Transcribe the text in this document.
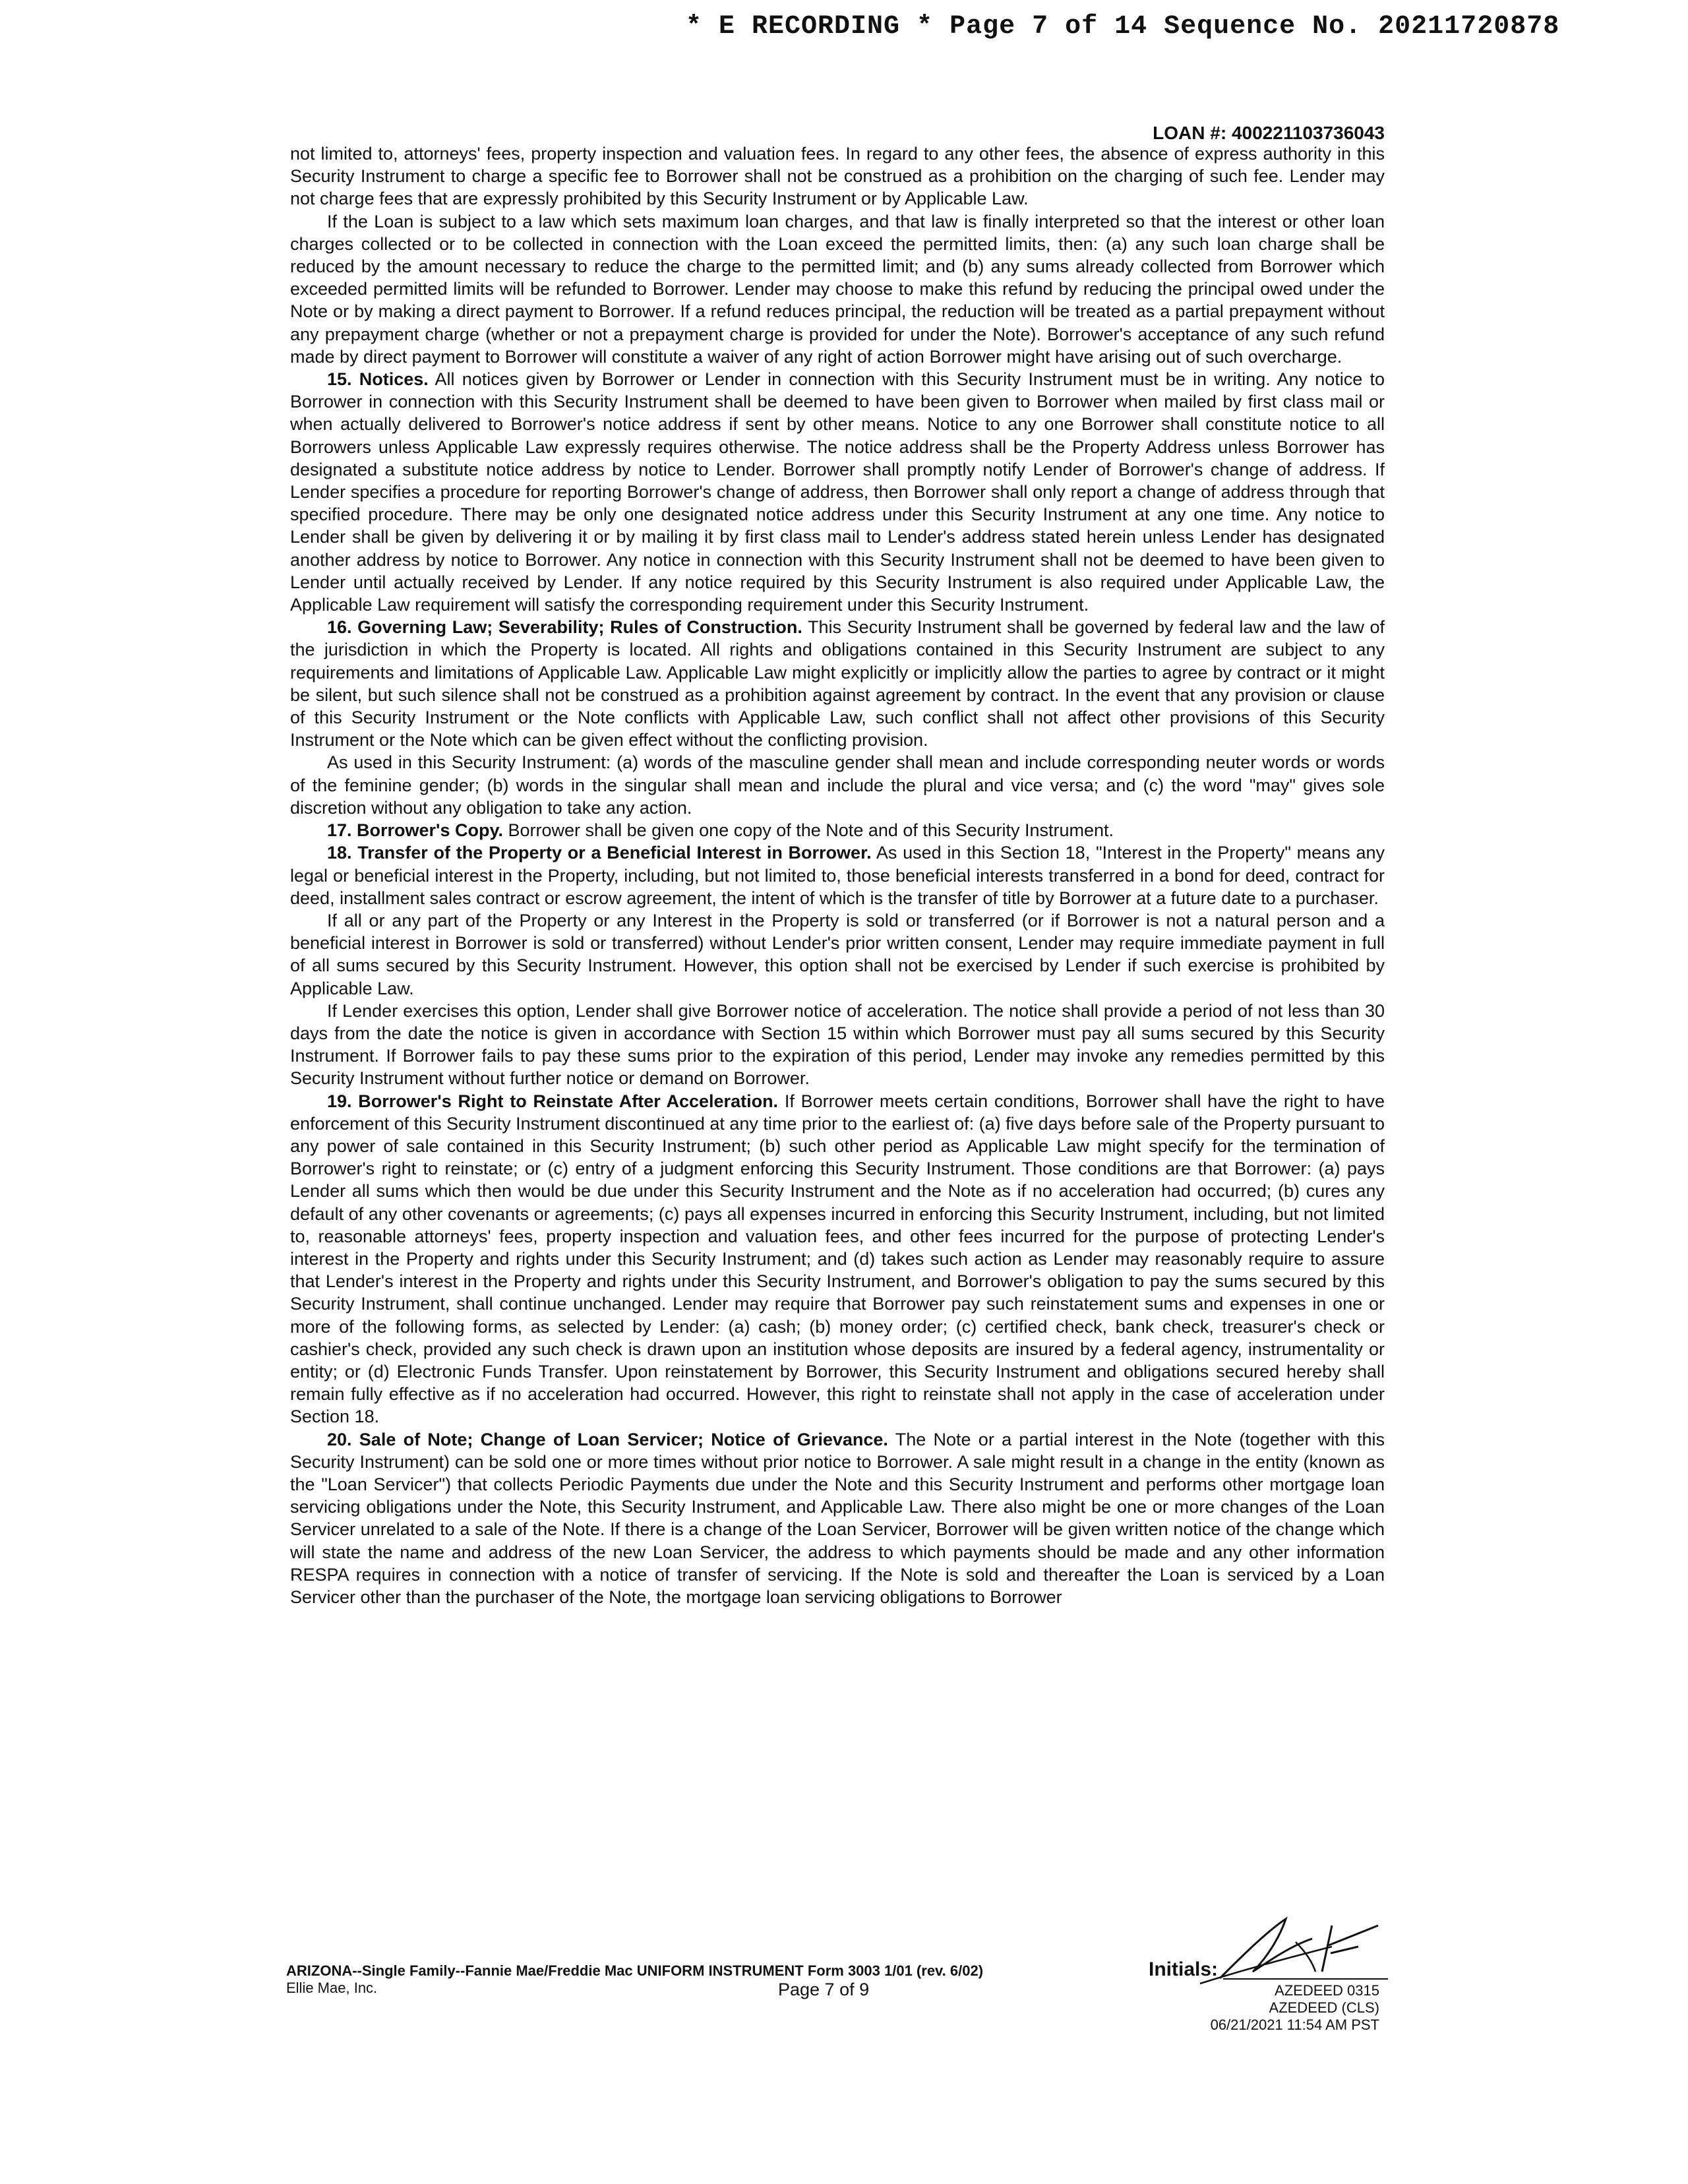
* E RECORDING * Page 7 of 14 Sequence No. 20211720878
LOAN #: 400221103736043

not limited to, attorneys' fees, property inspection and valuation fees. In regard to any other fees, the absence of express authority in this Security Instrument to charge a specific fee to Borrower shall not be construed as a prohibition on the charging of such fee. Lender may not charge fees that are expressly prohibited by this Security Instrument or by Applicable Law.

If the Loan is subject to a law which sets maximum loan charges, and that law is finally interpreted so that the interest or other loan charges collected or to be collected in connection with the Loan exceed the permitted limits, then: (a) any such loan charge shall be reduced by the amount necessary to reduce the charge to the permitted limit; and (b) any sums already collected from Borrower which exceeded permitted limits will be refunded to Borrower. Lender may choose to make this refund by reducing the principal owed under the Note or by making a direct payment to Borrower. If a refund reduces principal, the reduction will be treated as a partial prepayment without any prepayment charge (whether or not a prepayment charge is provided for under the Note). Borrower's acceptance of any such refund made by direct payment to Borrower will constitute a waiver of any right of action Borrower might have arising out of such overcharge.

15. Notices. All notices given by Borrower or Lender in connection with this Security Instrument must be in writing. Any notice to Borrower in connection with this Security Instrument shall be deemed to have been given to Borrower when mailed by first class mail or when actually delivered to Borrower's notice address if sent by other means. Notice to any one Borrower shall constitute notice to all Borrowers unless Applicable Law expressly requires otherwise. The notice address shall be the Property Address unless Borrower has designated a substitute notice address by notice to Lender. Borrower shall promptly notify Lender of Borrower's change of address. If Lender specifies a procedure for reporting Borrower's change of address, then Borrower shall only report a change of address through that specified procedure. There may be only one designated notice address under this Security Instrument at any one time. Any notice to Lender shall be given by delivering it or by mailing it by first class mail to Lender's address stated herein unless Lender has designated another address by notice to Borrower. Any notice in connection with this Security Instrument shall not be deemed to have been given to Lender until actually received by Lender. If any notice required by this Security Instrument is also required under Applicable Law, the Applicable Law requirement will satisfy the corresponding requirement under this Security Instrument.

16. Governing Law; Severability; Rules of Construction. This Security Instrument shall be governed by federal law and the law of the jurisdiction in which the Property is located. All rights and obligations contained in this Security Instrument are subject to any requirements and limitations of Applicable Law. Applicable Law might explicitly or implicitly allow the parties to agree by contract or it might be silent, but such silence shall not be construed as a prohibition against agreement by contract. In the event that any provision or clause of this Security Instrument or the Note conflicts with Applicable Law, such conflict shall not affect other provisions of this Security Instrument or the Note which can be given effect without the conflicting provision.

As used in this Security Instrument: (a) words of the masculine gender shall mean and include corresponding neuter words or words of the feminine gender; (b) words in the singular shall mean and include the plural and vice versa; and (c) the word "may" gives sole discretion without any obligation to take any action.

17. Borrower's Copy. Borrower shall be given one copy of the Note and of this Security Instrument.

18. Transfer of the Property or a Beneficial Interest in Borrower. As used in this Section 18, "Interest in the Property" means any legal or beneficial interest in the Property, including, but not limited to, those beneficial interests transferred in a bond for deed, contract for deed, installment sales contract or escrow agreement, the intent of which is the transfer of title by Borrower at a future date to a purchaser.

If all or any part of the Property or any Interest in the Property is sold or transferred (or if Borrower is not a natural person and a beneficial interest in Borrower is sold or transferred) without Lender's prior written consent, Lender may require immediate payment in full of all sums secured by this Security Instrument. However, this option shall not be exercised by Lender if such exercise is prohibited by Applicable Law.

If Lender exercises this option, Lender shall give Borrower notice of acceleration. The notice shall provide a period of not less than 30 days from the date the notice is given in accordance with Section 15 within which Borrower must pay all sums secured by this Security Instrument. If Borrower fails to pay these sums prior to the expiration of this period, Lender may invoke any remedies permitted by this Security Instrument without further notice or demand on Borrower.

19. Borrower's Right to Reinstate After Acceleration. If Borrower meets certain conditions, Borrower shall have the right to have enforcement of this Security Instrument discontinued at any time prior to the earliest of: (a) five days before sale of the Property pursuant to any power of sale contained in this Security Instrument; (b) such other period as Applicable Law might specify for the termination of Borrower's right to reinstate; or (c) entry of a judgment enforcing this Security Instrument. Those conditions are that Borrower: (a) pays Lender all sums which then would be due under this Security Instrument and the Note as if no acceleration had occurred; (b) cures any default of any other covenants or agreements; (c) pays all expenses incurred in enforcing this Security Instrument, including, but not limited to, reasonable attorneys' fees, property inspection and valuation fees, and other fees incurred for the purpose of protecting Lender's interest in the Property and rights under this Security Instrument; and (d) takes such action as Lender may reasonably require to assure that Lender's interest in the Property and rights under this Security Instrument, and Borrower's obligation to pay the sums secured by this Security Instrument, shall continue unchanged. Lender may require that Borrower pay such reinstatement sums and expenses in one or more of the following forms, as selected by Lender: (a) cash; (b) money order; (c) certified check, bank check, treasurer's check or cashier's check, provided any such check is drawn upon an institution whose deposits are insured by a federal agency, instrumentality or entity; or (d) Electronic Funds Transfer. Upon reinstatement by Borrower, this Security Instrument and obligations secured hereby shall remain fully effective as if no acceleration had occurred. However, this right to reinstate shall not apply in the case of acceleration under Section 18.

20. Sale of Note; Change of Loan Servicer; Notice of Grievance. The Note or a partial interest in the Note (together with this Security Instrument) can be sold one or more times without prior notice to Borrower. A sale might result in a change in the entity (known as the "Loan Servicer") that collects Periodic Payments due under the Note and this Security Instrument and performs other mortgage loan servicing obligations under the Note, this Security Instrument, and Applicable Law. There also might be one or more changes of the Loan Servicer unrelated to a sale of the Note. If there is a change of the Loan Servicer, Borrower will be given written notice of the change which will state the name and address of the new Loan Servicer, the address to which payments should be made and any other information RESPA requires in connection with a notice of transfer of servicing. If the Note is sold and thereafter the Loan is serviced by a Loan Servicer other than the purchaser of the Note, the mortgage loan servicing obligations to Borrower

ARIZONA--Single Family--Fannie Mae/Freddie Mac UNIFORM INSTRUMENT Form 3003 1/01 (rev. 6/02)
Ellie Mae, Inc.	Page 7 of 9
Initials:
AZEDEED 0315
AZEDEED (CLS)
06/21/2021 11:54 AM PST
